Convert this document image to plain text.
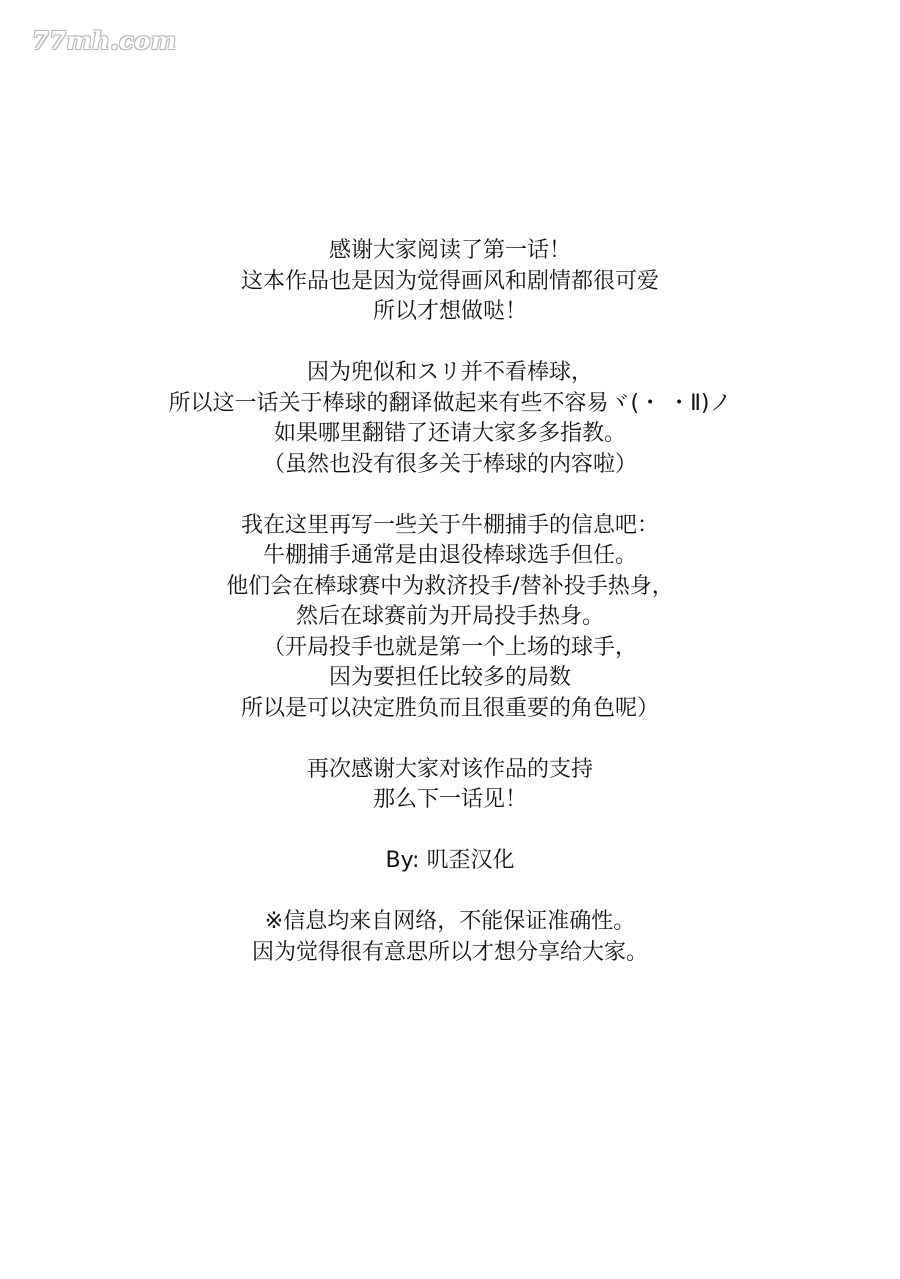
77mh.com
感谢大家阅读了第一话！
这本作品也是因为觉得画风和剧情都很可爱
所以才想做哒！
因为兜似和スリ并不看棒球，
所以这一话关于棒球的翻译做起来有些不容易ヾ(・ ・Ⅱ)ノ
如果哪里翻错了还请大家多多指教。
（虽然也没有很多关于棒球的内容啦）
我在这里再写一些关于牛棚捕手的信息吧：
牛棚捕手通常是由退役棒球选手但任。
他们会在棒球赛中为救济投手/替补投手热身，
然后在球赛前为开局投手热身。
（开局投手也就是第一个上场的球手，
因为要担任比较多的局数
所以是可以决定胜负而且很重要的角色呢）
再次感谢大家对该作品的支持
那么下一话见！
By: 叽歪汉化
※信息均来自网络，不能保证准确性。
因为觉得很有意思所以才想分享给大家。
